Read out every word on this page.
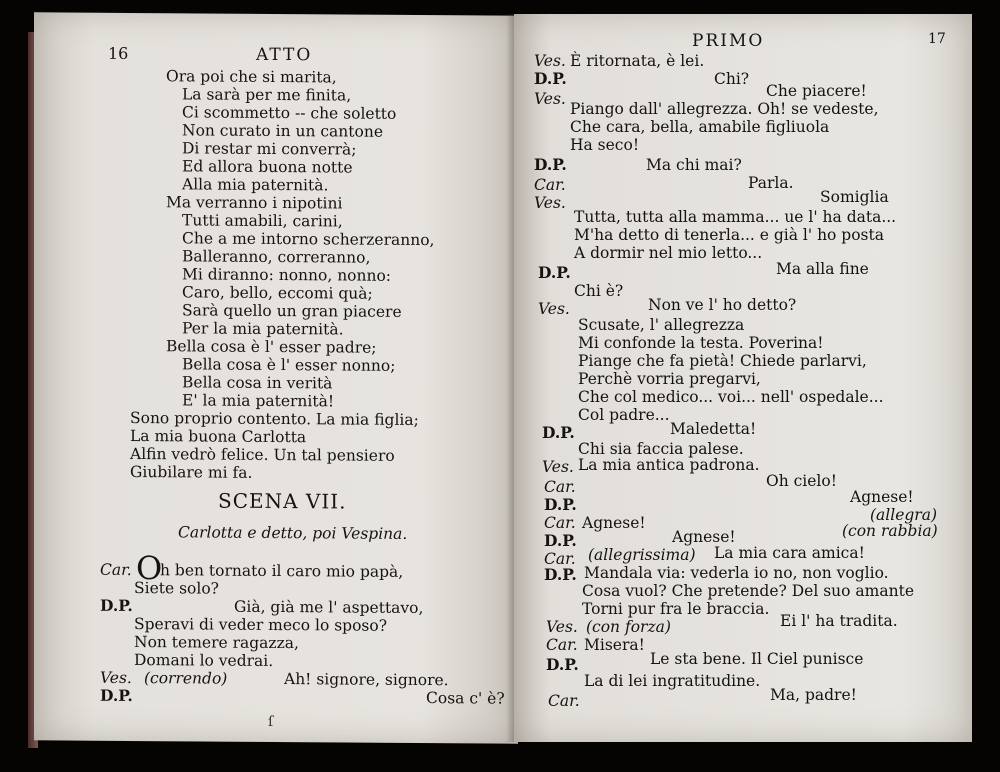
16	ATTO
Ora poi che si marita,
La sarà per me finita,
Ci scommetto -- che soletto
Non curato in un cantone
Di restar mi converrà;
Ed allora buona notte
Alla mia paternità.
Ma verranno i nipotini
Tutti amabili, carini,
Che a me intorno scherzeranno,
Balleranno, correranno,
Mi diranno: nonno, nonno:
Caro, bello, eccomi quà;
Sarà quello un gran piacere
Per la mia paternità.
Bella cosa è l' esser padre;
Bella cosa è l' esser nonno;
Bella cosa in verità
E' la mia paternità!
Sono proprio contento. La mia figlia;
La mia buona Carlotta
Alfin vedrò felice. Un tal pensiero
Giubilare mi fa.
SCENA VII.
Carlotta e detto, poi Vespina.
Car. O
h ben tornato il caro mio papà,
Siete solo?
D.P.	Già, già me l' aspettavo,
Speravi di veder meco lo sposo?
Non temere ragazza,
Domani lo vedrai.
Ves. (correndo)	Ah! signore, signore.
D.P.	Cosa c' è?
ſ
PRIMO	17
Ves. È ritornata, è lei.
D.P.	Chi?
Ves.	Che piacere!
Piango dall' allegrezza. Oh! se vedeste,
Che cara, bella, amabile figliuola
Ha seco!
D.P.	Ma chi mai?
Car.	Parla.
Ves.	Somiglia
Tutta, tutta alla mamma... ue l' ha data...
M'ha detto di tenerla... e già l' ho posta
A dormir nel mio letto...
D.P.	Ma alla fine
Chi è?
Ves.	Non ve l' ho detto?
Scusate, l' allegrezza
Mi confonde la testa. Poverina!
Piange che fa pietà! Chiede parlarvi,
Perchè vorria pregarvi,
Che col medico... voi... nell' ospedale...
Col padre...
D.P.	Maledetta!
Chi sia faccia palese.
Ves. La mia antica padrona.
Car.	Oh cielo!
D.P.	Agnese!
Car. Agnese!	(allegra)
D.P.	Agnese!	(con rabbia)
Car. (allegrissima) La mia cara amica!
D.P. Mandala via: vederla io no, non voglio.
Cosa vuol? Che pretende? Del suo amante
Torni pur fra le braccia.
Ves. (con forza)	Ei l' ha tradita.
Car. Misera!
D.P.	Le sta bene. Il Ciel punisce
La di lei ingratitudine.
Car.	Ma, padre!
